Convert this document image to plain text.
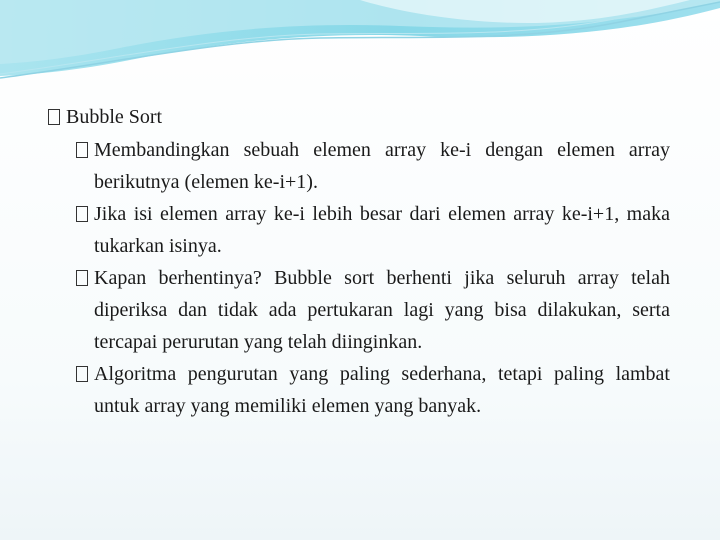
Bubble Sort
Membandingkan sebuah elemen array ke-i dengan elemen array berikutnya (elemen ke-i+1).
Jika isi elemen array ke-i lebih besar dari elemen array ke-i+1, maka tukarkan isinya.
Kapan berhentinya? Bubble sort berhenti jika seluruh array telah diperiksa dan tidak ada pertukaran lagi yang bisa dilakukan, serta tercapai perurutan yang telah diinginkan.
Algoritma pengurutan yang paling sederhana, tetapi paling lambat untuk array yang memiliki elemen yang banyak.
